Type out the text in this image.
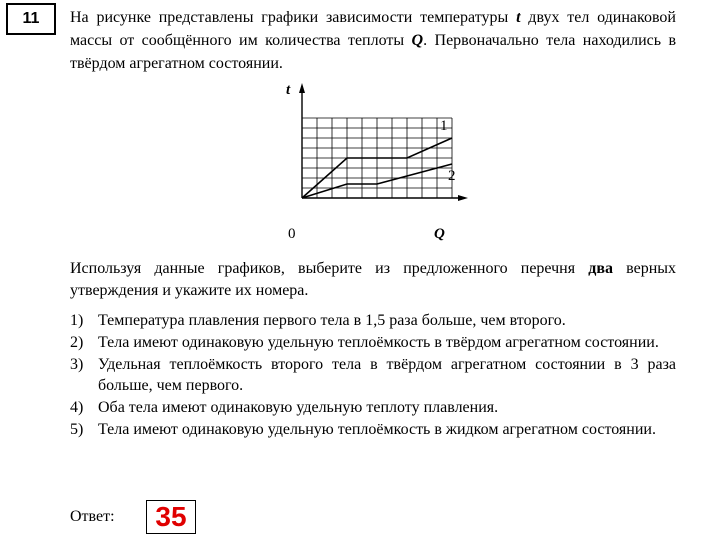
11	На рисунке представлены графики зависимости температуры t двух тел одинаковой массы от сообщённого им количества теплоты Q. Первоначально тела находились в твёрдом агрегатном состоянии.

t
Q
0
1
2
Используя данные графиков, выберите из предложенного перечня два верных утверждения и укажите их номера.
1) Температура плавления первого тела в 1,5 раза больше, чем второго.
2) Тела имеют одинаковую удельную теплоёмкость в твёрдом агрегатном состоянии.
3) Удельная теплоёмкость второго тела в твёрдом агрегатном состоянии в 3 раза больше, чем первого.
4) Оба тела имеют одинаковую удельную теплоту плавления.
5) Тела имеют одинаковую удельную теплоёмкость в жидком агрегатном состоянии.
Ответ: 35
